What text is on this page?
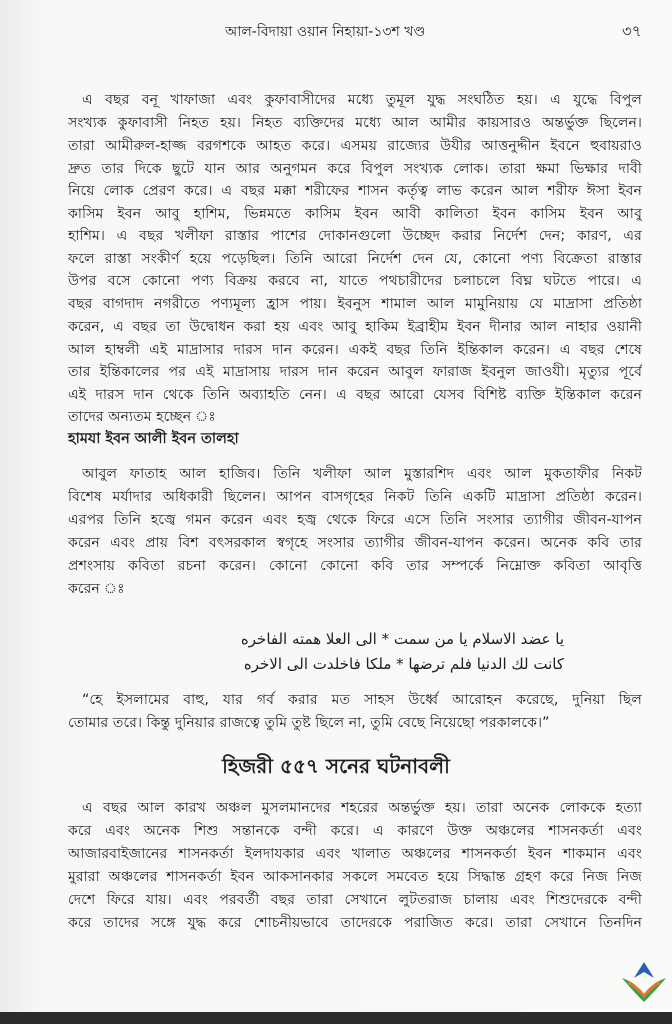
আল-বিদায়া ওয়ান নিহায়া-১৩শ খণ্ড	৩৭
এ বছর বনূ খাফাজা এবং কুফাবাসীদের মধ্যে তুমূল যুদ্ধ সংঘঠিত হয়। এ যুদ্ধে বিপুল
সংখ্যক কুফাবাসী নিহত হয়। নিহত ব্যক্তিদের মধ্যে আল আমীর কায়সারও অন্তর্ভুক্ত ছিলেন।
তারা আমীরুল-হাজ্জ বরগশকে আহত করে। এসময় রাজ্যের উযীর আত্তনুদ্দীন ইবনে হুবায়রাও
দ্রুত তার দিকে ছুটে যান আর অনুগমন করে বিপুল সংখ্যক লোক। তারা ক্ষমা ভিক্ষার দাবী
নিয়ে লোক প্রেরণ করে। এ বছর মক্কা শরীফের শাসন কর্তৃত্ব লাভ করেন আল শরীফ ঈসা ইবন
কাসিম ইবন আবু হাশিম, ভিন্নমতে কাসিম ইবন আবী কালিতা ইবন কাসিম ইবন আবু
হাশিম। এ বছর খলীফা রাস্তার পাশের দোকানগুলো উচ্ছেদ করার নির্দেশ দেন; কারণ, এর
ফলে রাস্তা সংকীর্ণ হয়ে পড়েছিল। তিনি আরো নির্দেশ দেন যে, কোনো পণ্য বিক্রেতা রাস্তার
উপর বসে কোনো পণ্য বিক্রয় করবে না, যাতে পথচারীদের চলাচলে বিঘ্ন ঘটতে পারে। এ
বছর বাগদাদ নগরীতে পণ্যমূল্য হ্রাস পায়। ইবনুস শামাল আল মামুনিয়ায় যে মাদ্রাসা প্রতিষ্ঠা
করেন, এ বছর তা উদ্বোধন করা হয় এবং আবু হাকিম ইব্রাহীম ইবন দীনার আল নাহার ওয়ানী
আল হাম্বলী এই মাদ্রাসার দারস দান করেন। একই বছর তিনি ইন্তিকাল করেন। এ বছর শেষে
তার ইন্তিকালের পর এই মাদ্রাসায় দারস দান করেন আবুল ফারাজ ইবনুল জাওযী। মৃত্যুর পূর্বে
এই দারস দান থেকে তিনি অব্যাহতি নেন। এ বছর আরো যেসব বিশিষ্ট ব্যক্তি ইন্তিকাল করেন
তাদের অন্যতম হচ্ছেন ঃ
হামযা ইবন আলী ইবন তালহা
আবুল ফাতাহ আল হাজিব। তিনি খলীফা আল মুস্তারশিদ এবং আল মুকতাফীর নিকট
বিশেষ মর্যাদার অধিকারী ছিলেন। আপন বাসগৃহের নিকট তিনি একটি মাদ্রাসা প্রতিষ্ঠা করেন।
এরপর তিনি হজ্বে গমন করেন এবং হজ্ব থেকে ফিরে এসে তিনি সংসার ত্যাগীর জীবন-যাপন
করেন এবং প্রায় বিশ বৎসরকাল স্বগৃহে সংসার ত্যাগীর জীবন-যাপন করেন। অনেক কবি তার
প্রশংসায় কবিতা রচনা করেন। কোনো কোনো কবি তার সম্পর্কে নিম্নোক্ত কবিতা আবৃত্তি
করেন ঃ
یا عضد الاسلام یا من سمت * الی العلا همته الفاخره
کانت لك الدنیا فلم ترضها * ملكا فاخلدت الی الاخره
“হে ইসলামের বাহু, যার গর্ব করার মত সাহস উর্ধ্বে আরোহন করেছে, দুনিয়া ছিল
তোমার তরে। কিন্তু দুনিয়ার রাজত্বে তুমি তুষ্ট ছিলে না, তুমি বেছে নিয়েছো পরকালকে।”
হিজরী ৫৫৭ সনের ঘটনাবলী
এ বছর আল কারখ অঞ্চল মুসলমানদের শহরের অন্তর্ভুক্ত হয়। তারা অনেক লোককে হত্যা
করে এবং অনেক শিশু সন্তানকে বন্দী করে। এ কারণে উক্ত অঞ্চলের শাসনকর্তা এবং
আজারবাইজানের শাসনকর্তা ইলদাযকার এবং খালাত অঞ্চলের শাসনকর্তা ইবন শাকমান এবং
মুরারা অঞ্চলের শাসনকর্তা ইবন আকসানকার সকলে সমবেত হয়ে সিদ্ধান্ত গ্রহণ করে নিজ নিজ
দেশে ফিরে যায়। এবং পরবর্তী বছর তারা সেখানে লুটতরাজ চালায় এবং শিশুদেরকে বন্দী
করে তাদের সঙ্গে যুদ্ধ করে শোচনীয়ভাবে তাদেরকে পরাজিত করে। তারা সেখানে তিনদিন
